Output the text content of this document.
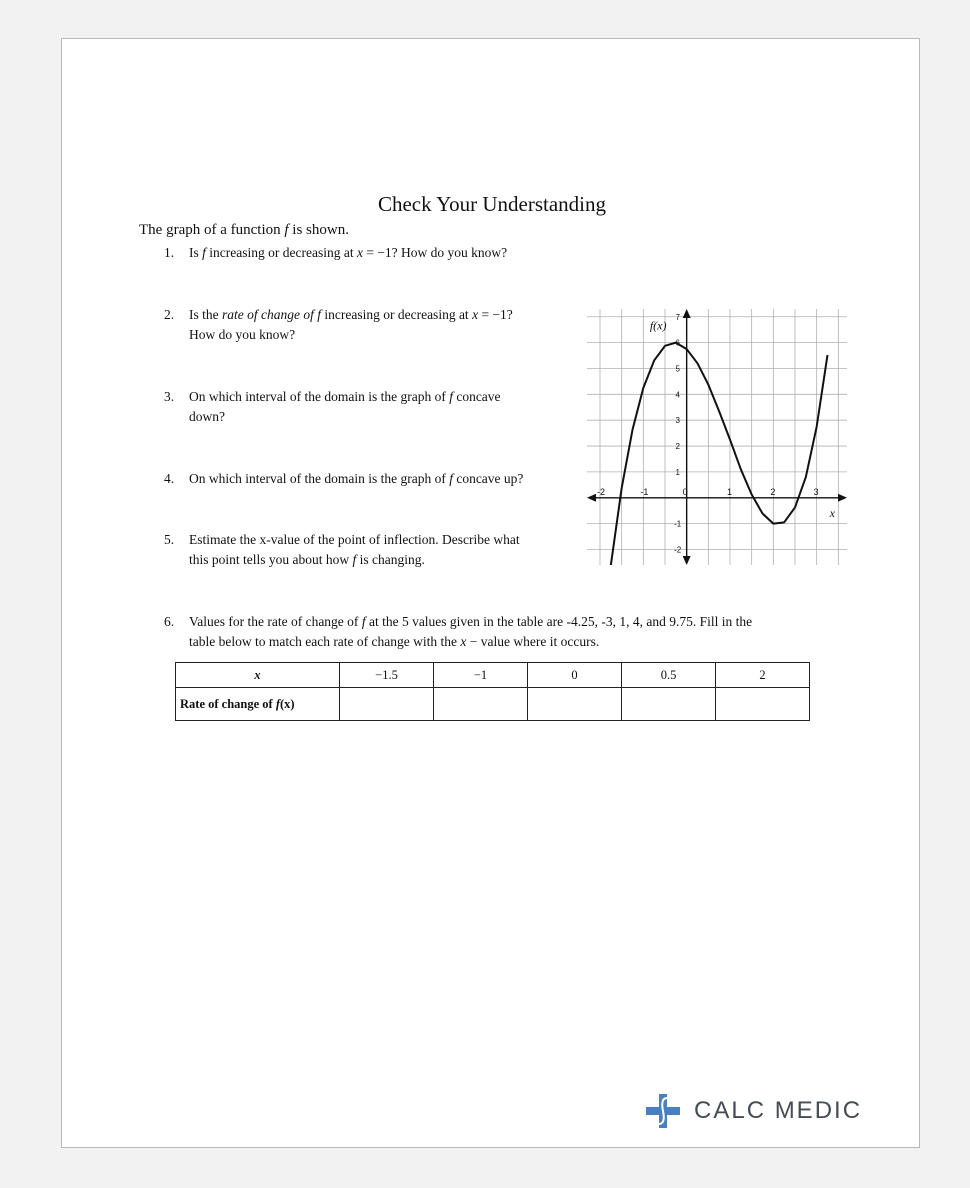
Check Your Understanding
The graph of a function f is shown.
1. Is f increasing or decreasing at x = −1? How do you know?
2. Is the rate of change of f increasing or decreasing at x = −1?
How do you know?
3. On which interval of the domain is the graph of f concave
down?
4. On which interval of the domain is the graph of f concave up?
5. Estimate the x-value of the point of inflection. Describe what
this point tells you about how f is changing.
6. Values for the rate of change of f at the 5 values given in the table are -4.25, -3, 1, 4, and 9.75. Fill in the
table below to match each rate of change with the x − value where it occurs.
-2	-1	0	1	2	3
7
6
5
4
3
2
1
-1
-2
f(x)
x
x	−1.5	−1	0	0.5	2
Rate of change of f(x)					
CALC MEDIC
